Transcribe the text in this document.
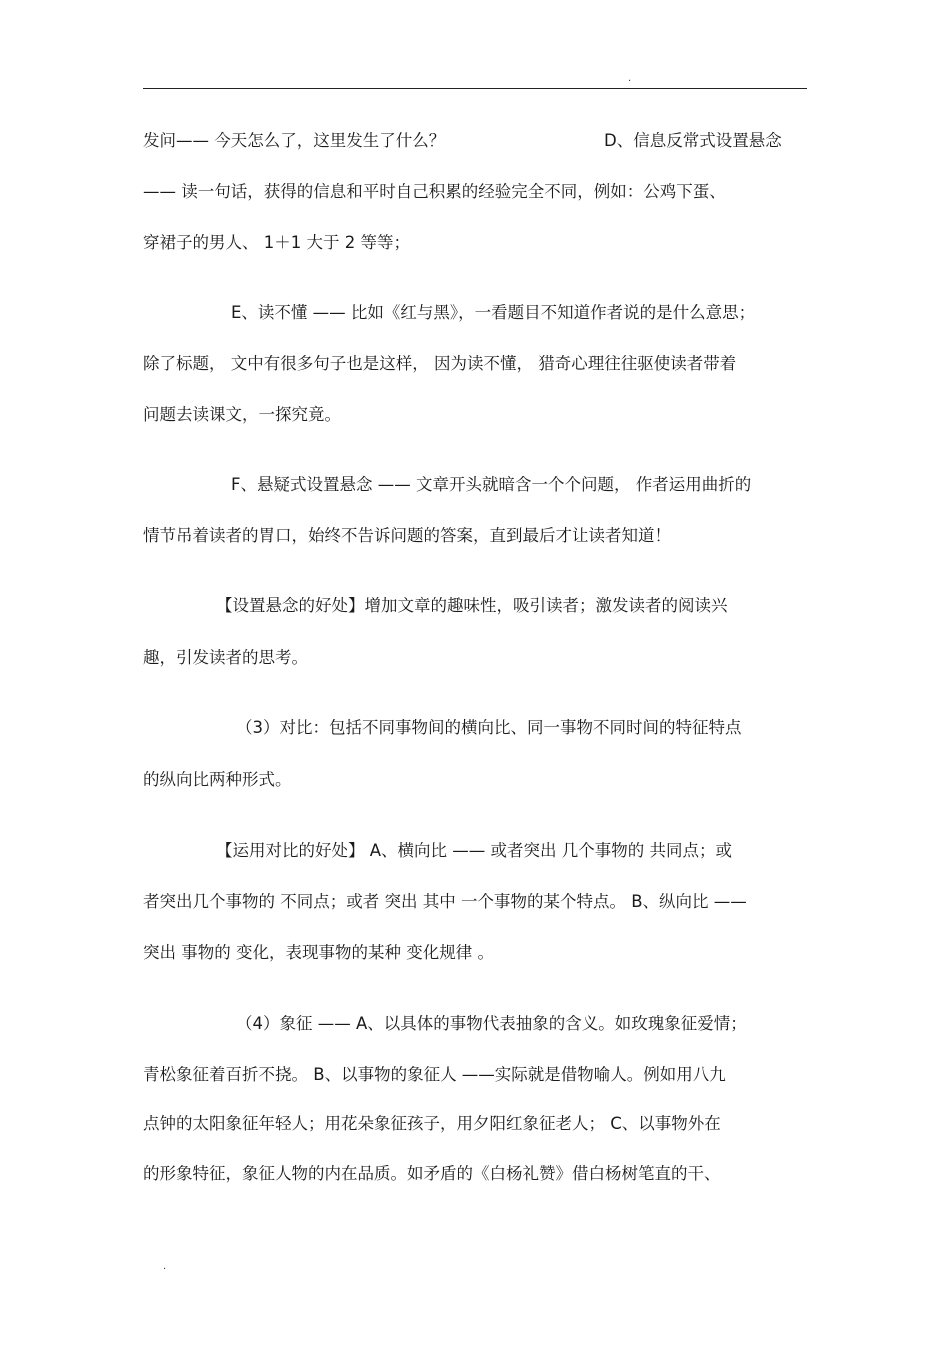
.
发问—— 今天怎么了，这里发生了什么？	D、信息反常式设置悬念
—— 读一句话，获得的信息和平时自己积累的经验完全不同，例如：公鸡下蛋、
穿裙子的男人、 1＋1 大于 2 等等；
E、读不懂 —— 比如《红与黑》，一看题目不知道作者说的是什么意思；
除了标题， 文中有很多句子也是这样， 因为读不懂， 猎奇心理往往驱使读者带着
问题去读课文，一探究竟。
F、悬疑式设置悬念 —— 文章开头就暗含一个个问题， 作者运用曲折的
情节吊着读者的胃口，始终不告诉问题的答案，直到最后才让读者知道！
【设置悬念的好处】增加文章的趣味性，吸引读者；激发读者的阅读兴
趣，引发读者的思考。
（3）对比：包括不同事物间的横向比、同一事物不同时间的特征特点
的纵向比两种形式。
【运用对比的好处】 A、横向比 —— 或者突出 几个事物的 共同点；或
者突出几个事物的 不同点；或者 突出 其中 一个事物的某个特点。 B、纵向比 ——
突出 事物的 变化，表现事物的某种 变化规律 。
（4）象征 —— A、以具体的事物代表抽象的含义。如玫瑰象征爱情；
青松象征着百折不挠。 B、以事物的象征人 ——实际就是借物喻人。例如用八九
点钟的太阳象征年轻人；用花朵象征孩子，用夕阳红象征老人； C、以事物外在
的形象特征，象征人物的内在品质。如矛盾的《白杨礼赞》借白杨树笔直的干、
.
